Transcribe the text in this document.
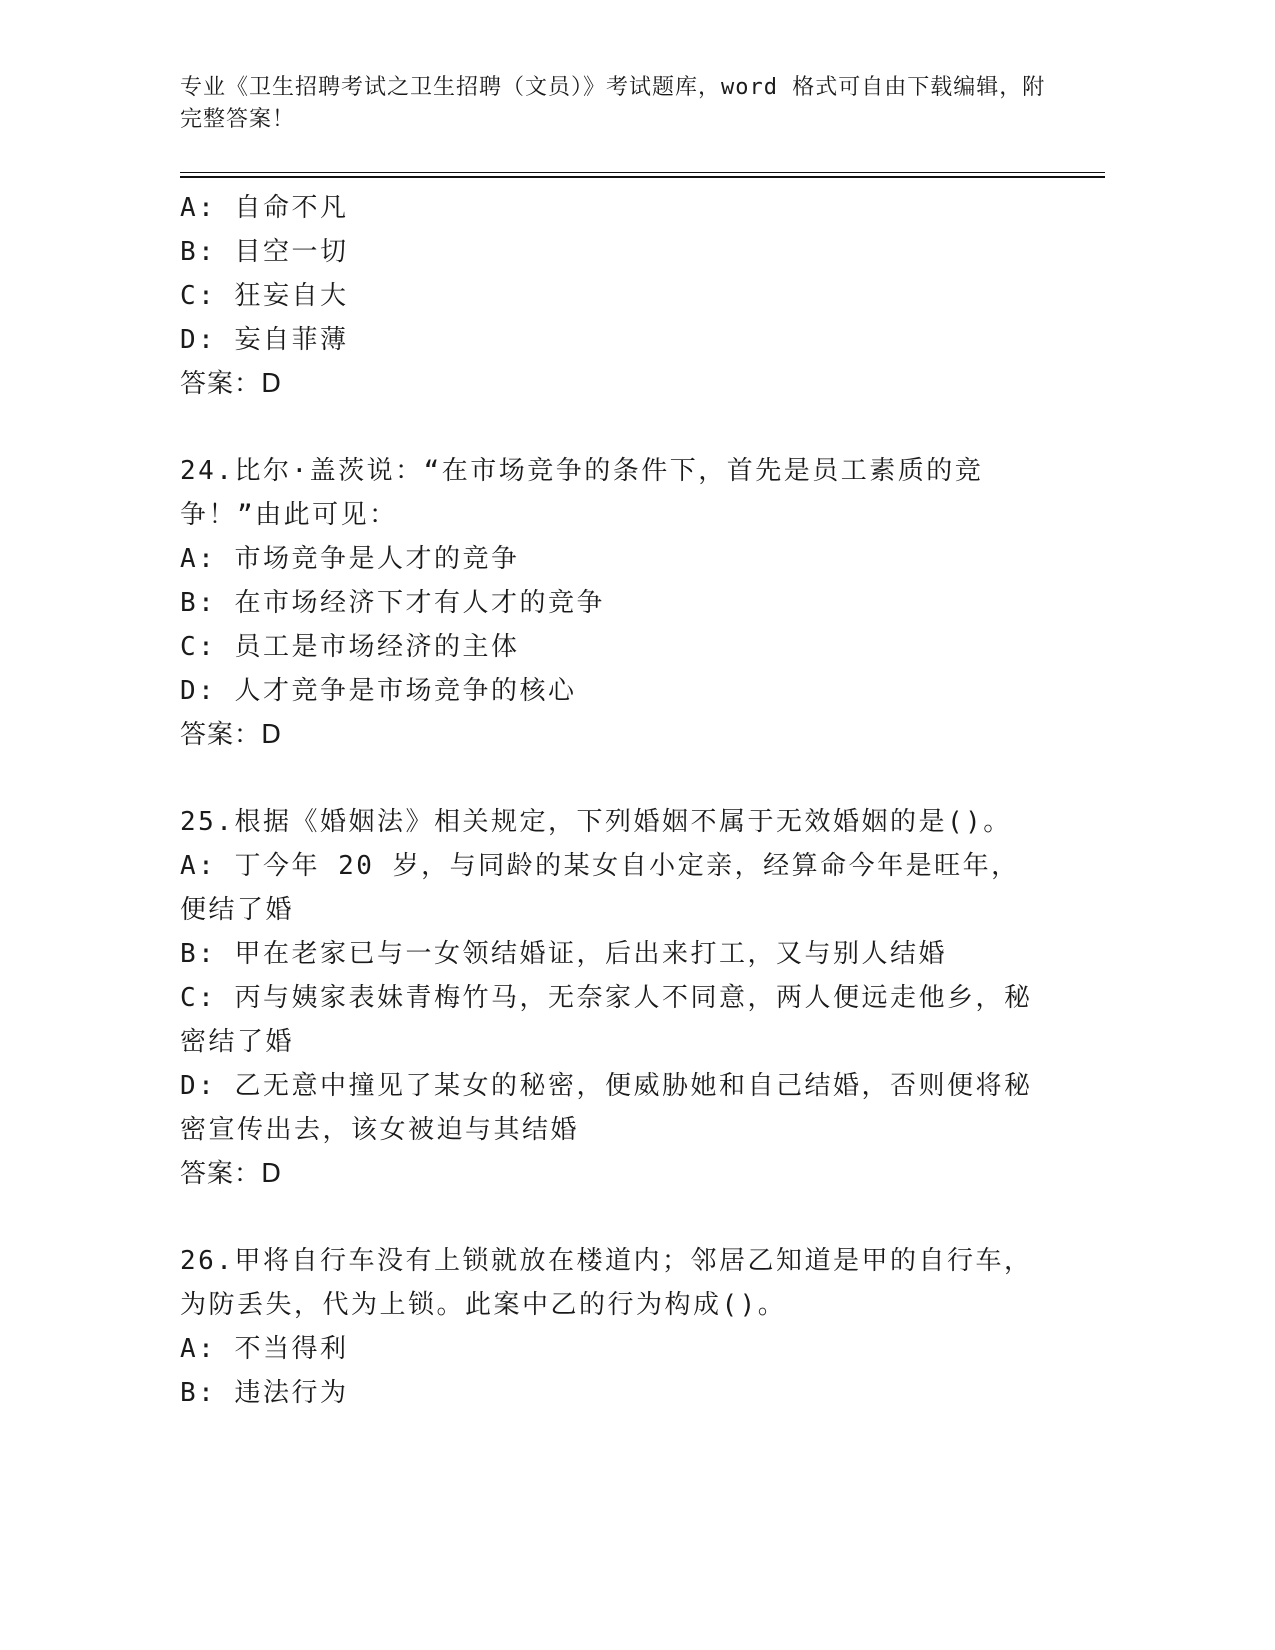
专业《卫生招聘考试之卫生招聘（文员）》考试题库，word 格式可自由下载编辑，附完整答案！
A: 自命不凡
B: 目空一切
C: 狂妄自大
D: 妄自菲薄
答案：D
24.比尔·盖茨说：“在市场竞争的条件下，首先是员工素质的竞争！”由此可见：
A: 市场竞争是人才的竞争
B: 在市场经济下才有人才的竞争
C: 员工是市场经济的主体
D: 人才竞争是市场竞争的核心
答案：D
25.根据《婚姻法》相关规定，下列婚姻不属于无效婚姻的是()。
A: 丁今年 20 岁，与同龄的某女自小定亲，经算命今年是旺年，便结了婚
B: 甲在老家已与一女领结婚证，后出来打工，又与别人结婚
C: 丙与姨家表妹青梅竹马，无奈家人不同意，两人便远走他乡，秘密结了婚
D: 乙无意中撞见了某女的秘密，便威胁她和自己结婚，否则便将秘密宣传出去，该女被迫与其结婚
答案：D
26.甲将自行车没有上锁就放在楼道内；邻居乙知道是甲的自行车，为防丢失，代为上锁。此案中乙的行为构成()。
A: 不当得利
B: 违法行为
